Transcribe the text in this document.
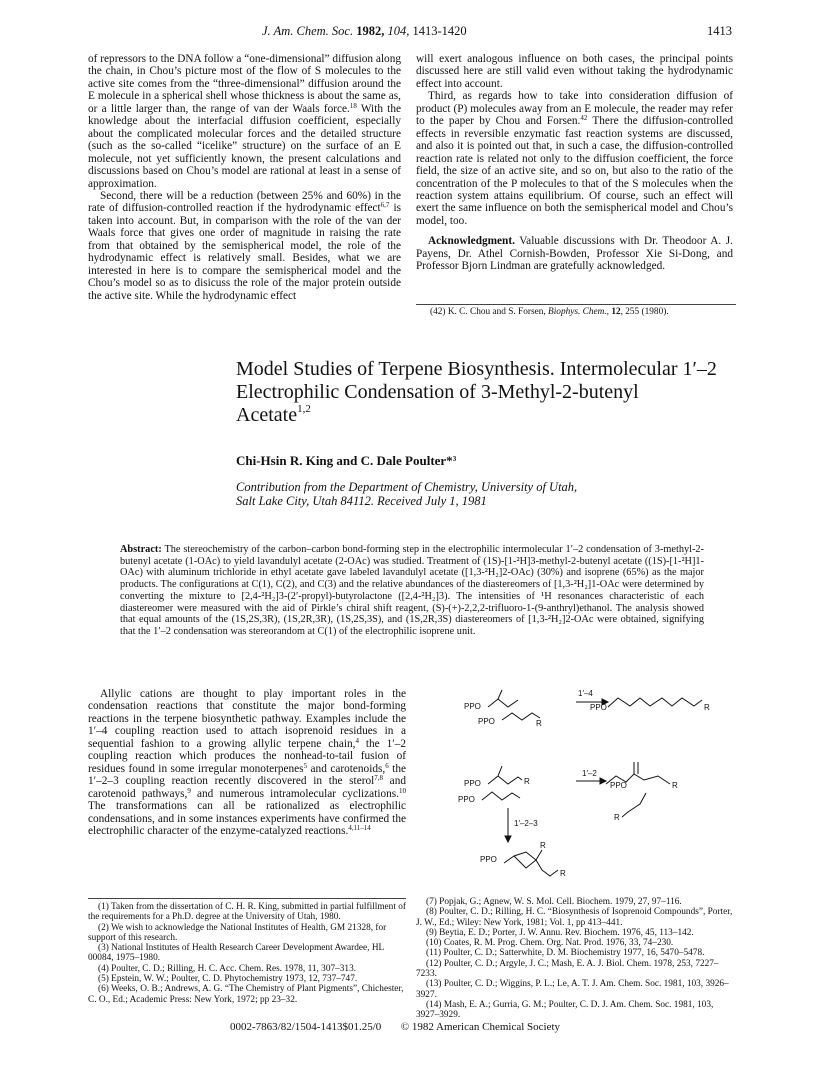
J. Am. Chem. Soc. 1982, 104, 1413-1420	1413

of repressors to the DNA follow a “one-dimensional” diffusion along the chain, in Chou’s picture most of the flow of S molecules to the active site comes from the “three-dimensional” diffusion around the E molecule in a spherical shell whose thickness is about the same as, or a little larger than, the range of van der Waals force.$^{18}$ With the knowledge about the interfacial diffusion coefficient, especially about the complicated molecular forces and the detailed structure (such as the so-called “icelike” structure) on the surface of an E molecule, not yet sufficiently known, the present calculations and discussions based on Chou’s model are rational at least in a sense of approximation.

Second, there will be a reduction (between 25% and 60%) in the rate of diffusion-controlled reaction if the hydrodynamic effect$^{6,7}$ is taken into account. But, in comparison with the role of the van der Waals force that gives one order of magnitude in raising the rate from that obtained by the semispherical model, the role of the hydrodynamic effect is relatively small. Besides, what we are interested in here is to compare the semispherical model and the Chou’s model so as to disicuss the role of the major protein outside the active site. While the hydrodynamic effect

will exert analogous influence on both cases, the principal points discussed here are still valid even without taking the hydrodynamic effect into account.

Third, as regards how to take into consideration diffusion of product (P) molecules away from an E molecule, the reader may refer to the paper by Chou and Forsen.$^{42}$ There the diffusion-controlled effects in reversible enzymatic fast reaction systems are discussed, and also it is pointed out that, in such a case, the diffusion-controlled reaction rate is related not only to the diffusion coefficient, the force field, the size of an active site, and so on, but also to the ratio of the concentration of the P molecules to that of the S molecules when the reaction system attains equilibrium. Of course, such an effect will exert the same influence on both the semispherical model and Chou’s model, too.

Acknowledgment. Valuable discussions with Dr. Theodoor A. J. Payens, Dr. Athel Cornish-Bowden, Professor Xie Si-Dong, and Professor Bjorn Lindman are gratefully acknowledged.

(42) K. C. Chou and S. Forsen, Biophys. Chem., 12, 255 (1980).
Model Studies of Terpene Biosynthesis. Intermolecular 1′–2
Electrophilic Condensation of 3-Methyl-2-butenyl
Acetate$^{1,2}$
Chi-Hsin R. King and C. Dale Poulter*$^3$
Contribution from the Department of Chemistry, University of Utah,
Salt Lake City, Utah 84112. Received July 1, 1981
Abstract: The stereochemistry of the carbon–carbon bond-forming step in the electrophilic intermolecular 1′–2 condensation of 3-methyl-2-butenyl acetate (1-OAc) to yield lavandulyl acetate (2-OAc) was studied. Treatment of (1S)-[1-²H]3-methyl-2-butenyl acetate ((1S)-[1-²H]1-OAc) with aluminum trichloride in ethyl acetate gave labeled lavandulyl acetate ([1,3-²H₂]2-OAc) (30%) and isoprene (65%) as the major products. The configurations at C(1), C(2), and C(3) and the relative abundances of the diastereomers of [1,3-²H₂]1-OAc were determined by converting the mixture to [2,4-²H₂]3-(2′-propyl)-butyrolactone ([2,4-²H₂]3). The intensities of ¹H resonances characteristic of each diastereomer were measured with the aid of Pirkle’s chiral shift reagent, (S)-(+)-2,2,2-trifluoro-1-(9-anthryl)ethanol. The analysis showed that equal amounts of the (1S,2S,3R), (1S,2R,3R), (1S,2S,3S), and (1S,2R,3S) diastereomers of [1,3-²H₂]2-OAc were obtained, signifying that the 1′–2 condensation was stereorandom at C(1) of the electrophilic isoprene unit.
Allylic cations are thought to play important roles in the condensation reactions that constitute the major bond-forming reactions in the terpene biosynthetic pathway. Examples include the 1′–4 coupling reaction used to attach isoprenoid residues in a sequential fashion to a growing allylic terpene chain,$^4$ the 1′–2 coupling reaction which produces the nonhead-to-tail fusion of residues found in some irregular monoterpenes$^5$ and carotenoids,$^6$ the 1′–2–3 coupling reaction recently discovered in the sterol$^{7,8}$ and carotenoid pathways,$^9$ and numerous intramolecular cyclizations.$^{10}$ The transformations can all be rationalized as electrophilic condensations, and in some instances experiments have confirmed the electrophilic character of the enzyme-catalyzed reactions.$^{4,11-14}$
PPO
PPO	R
1′–4
PPO	R
PPO	R
PPO
1′–2
PPO	R
R
1′–2–3
PPO
R
R

(1) Taken from the dissertation of C. H. R. King, submitted in partial fulfillment of the requirements for a Ph.D. degree at the University of Utah, 1980.

(2) We wish to acknowledge the National Institutes of Health, GM 21328, for support of this research.

(3) National Institutes of Health Research Career Development Awardee, HL 00084, 1975–1980.

(4) Poulter, C. D.; Rilling, H. C. Acc. Chem. Res. 1978, 11, 307–313.

(5) Epstein, W. W.; Poulter, C. D. Phytochemistry 1973, 12, 737–747.

(6) Weeks, O. B.; Andrews, A. G. “The Chemistry of Plant Pigments”, Chichester, C. O., Ed.; Academic Press: New York, 1972; pp 23–32.

(7) Popjak, G.; Agnew, W. S. Mol. Cell. Biochem. 1979, 27, 97–116.

(8) Poulter, C. D.; Rilling, H. C. “Biosynthesis of Isoprenoid Compounds”, Porter, J. W., Ed.; Wiley: New York, 1981; Vol. 1, pp 413–441.

(9) Beytia, E. D.; Porter, J. W. Annu. Rev. Biochem. 1976, 45, 113–142.

(10) Coates, R. M. Prog. Chem. Org. Nat. Prod. 1976, 33, 74–230.

(11) Poulter, C. D.; Satterwhite, D. M. Biochemistry 1977, 16, 5470–5478.

(12) Poulter, C. D.; Argyle, J. C.; Mash, E. A. J. Biol. Chem. 1978, 253, 7227–7233.

(13) Poulter, C. D.; Wiggins, P. L.; Le, A. T. J. Am. Chem. Soc. 1981, 103, 3926–3927.

(14) Mash, E. A.; Gurria, G. M.; Poulter, C. D. J. Am. Chem. Soc. 1981, 103, 3927–3929.

0002-7863/82/1504-1413$01.25/0 © 1982 American Chemical Society
